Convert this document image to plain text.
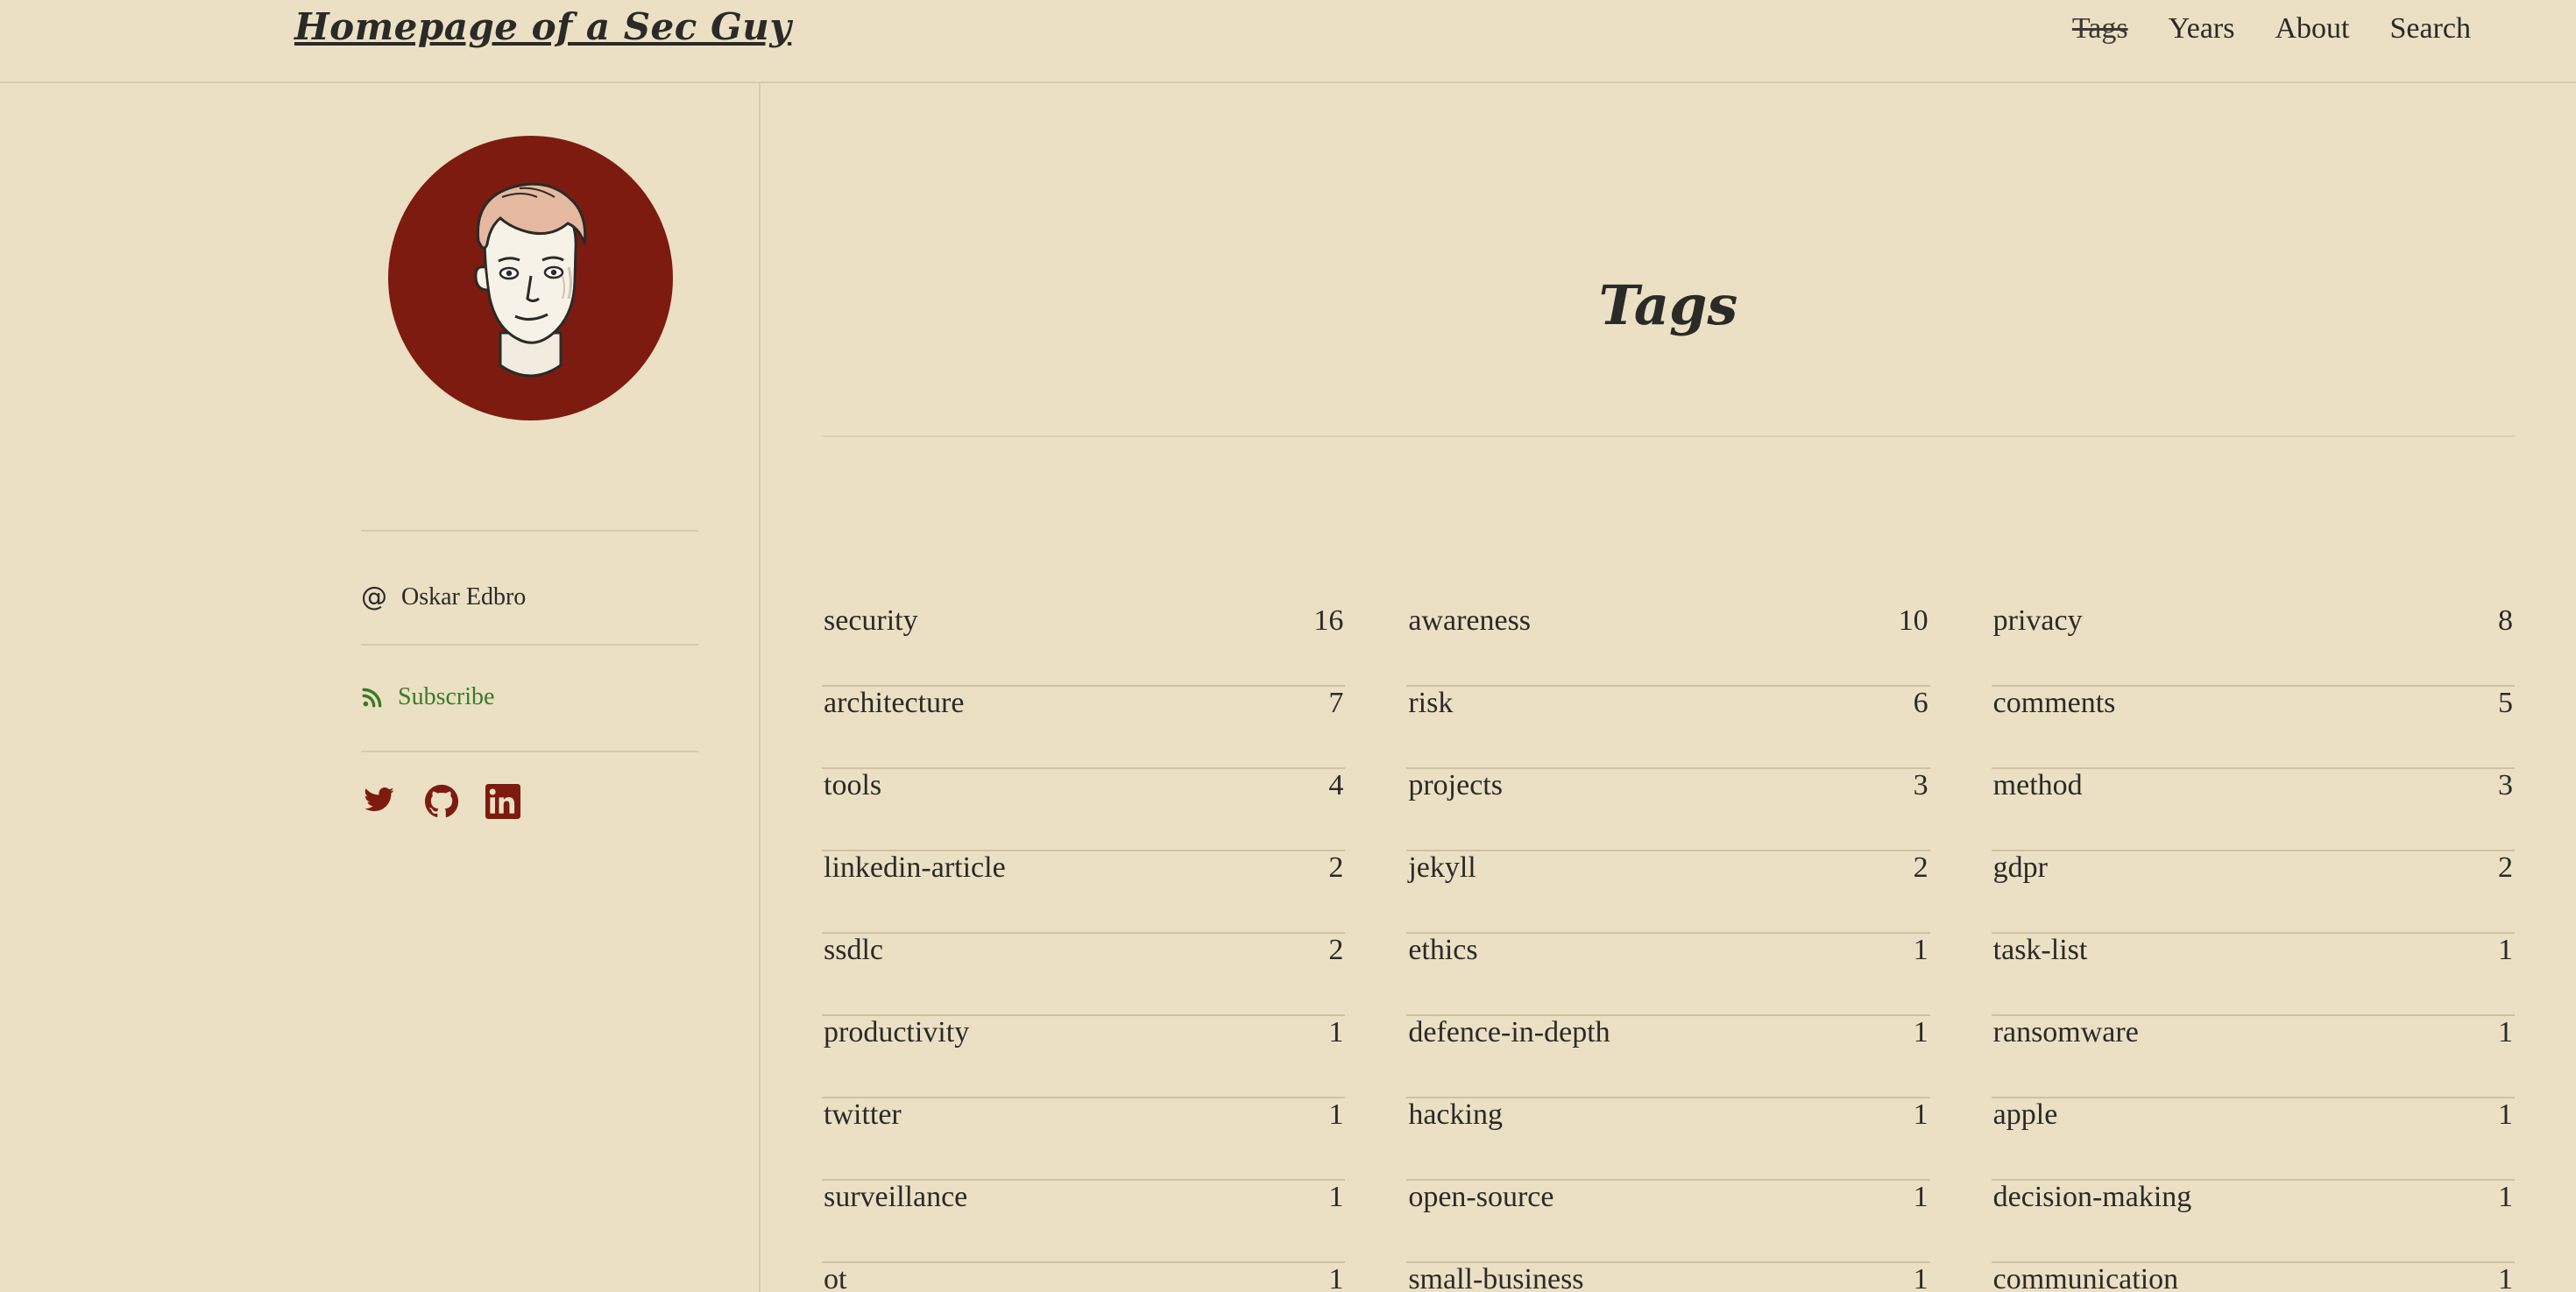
Homepage of a Sec Guy	Tags Years About Search
@ Oskar Edbro
Subscribe
Tags
security	16 awareness	10 privacy	8
architecture	7 risk	6 comments	5
tools	4 projects	3 method	3
linkedin-article	2 jekyll	2 gdpr	2
ssdlc	2 ethics	1 task-list	1
productivity	1 defence-in-depth	1 ransomware	1
twitter	1 hacking	1 apple	1
surveillance	1 open-source	1 decision-making	1
ot	1 small-business	1 communication	1
